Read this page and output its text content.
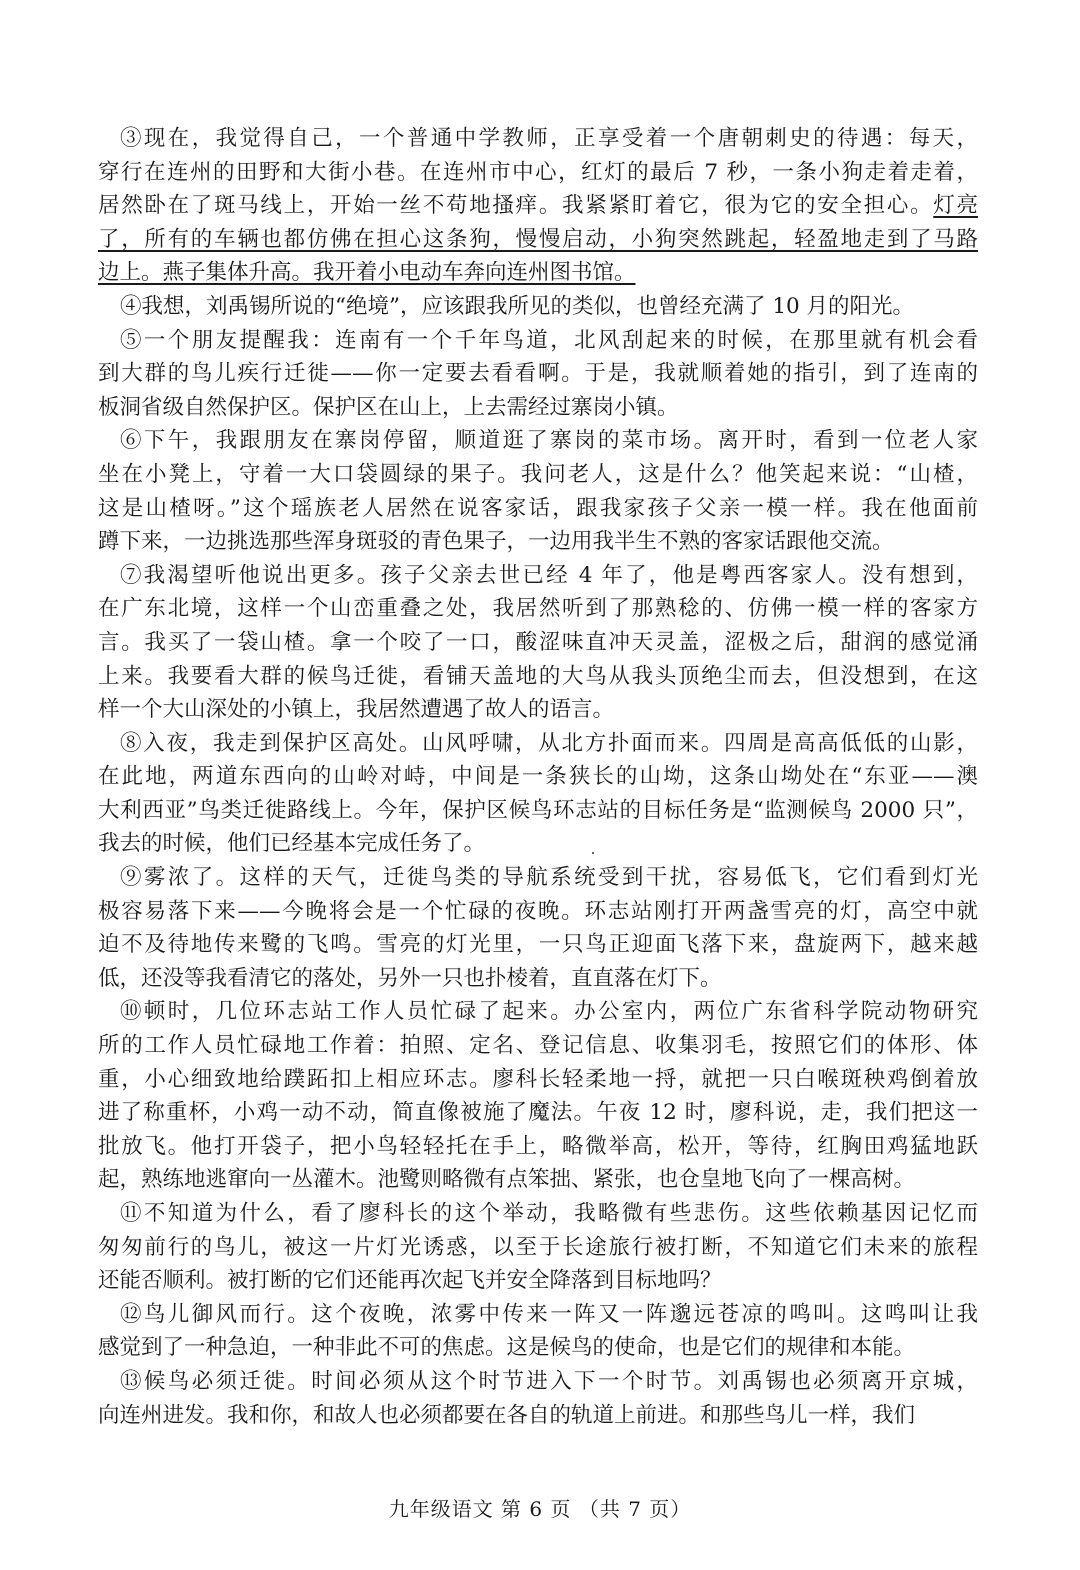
③现在，我觉得自己，一个普通中学教师，正享受着一个唐朝刺史的待遇：每天，
穿行在连州的田野和大街小巷。在连州市中心，红灯的最后 7 秒，一条小狗走着走着，
居然卧在了斑马线上，开始一丝不苟地搔痒。我紧紧盯着它，很为它的安全担心。灯亮
了，所有的车辆也都仿佛在担心这条狗，慢慢启动，小狗突然跳起，轻盈地走到了马路
边上。燕子集体升高。我开着小电动车奔向连州图书馆。
④我想，刘禹锡所说的“绝境”，应该跟我所见的类似，也曾经充满了 10 月的阳光。
⑤一个朋友提醒我：连南有一个千年鸟道，北风刮起来的时候，在那里就有机会看
到大群的鸟儿疾行迁徙——你一定要去看看啊。于是，我就顺着她的指引，到了连南的
板洞省级自然保护区。保护区在山上，上去需经过寨岗小镇。
⑥下午，我跟朋友在寨岗停留，顺道逛了寨岗的菜市场。离开时，看到一位老人家
坐在小凳上，守着一大口袋圆绿的果子。我问老人，这是什么？他笑起来说：“山楂，
这是山楂呀。”这个瑶族老人居然在说客家话，跟我家孩子父亲一模一样。我在他面前
蹲下来，一边挑选那些浑身斑驳的青色果子，一边用我半生不熟的客家话跟他交流。
⑦我渴望听他说出更多。孩子父亲去世已经 4 年了，他是粤西客家人。没有想到，
在广东北境，这样一个山峦重叠之处，我居然听到了那熟稔的、仿佛一模一样的客家方
言。我买了一袋山楂。拿一个咬了一口，酸涩味直冲天灵盖，涩极之后，甜润的感觉涌
上来。我要看大群的候鸟迁徙，看铺天盖地的大鸟从我头顶绝尘而去，但没想到，在这
样一个大山深处的小镇上，我居然遭遇了故人的语言。
⑧入夜，我走到保护区高处。山风呼啸，从北方扑面而来。四周是高高低低的山影，
在此地，两道东西向的山岭对峙，中间是一条狭长的山坳，这条山坳处在“东亚——澳
大利西亚”鸟类迁徙路线上。今年，保护区候鸟环志站的目标任务是“监测候鸟 2000 只”，
我去的时候，他们已经基本完成任务了。
⑨雾浓了。这样的天气，迁徙鸟类的导航系统受到干扰，容易低飞，它们看到灯光
极容易落下来——今晚将会是一个忙碌的夜晚。环志站刚打开两盏雪亮的灯，高空中就
迫不及待地传来鹭的飞鸣。雪亮的灯光里，一只鸟正迎面飞落下来，盘旋两下，越来越
低，还没等我看清它的落处，另外一只也扑棱着，直直落在灯下。
⑩顿时，几位环志站工作人员忙碌了起来。办公室内，两位广东省科学院动物研究
所的工作人员忙碌地工作着：拍照、定名、登记信息、收集羽毛，按照它们的体形、体
重，小心细致地给蹼跖扣上相应环志。廖科长轻柔地一捋，就把一只白喉斑秧鸡倒着放
进了称重杯，小鸡一动不动，简直像被施了魔法。午夜 12 时，廖科说，走，我们把这一
批放飞。他打开袋子，把小鸟轻轻托在手上，略微举高，松开，等待，红胸田鸡猛地跃
起，熟练地逃窜向一丛灌木。池鹭则略微有点笨拙、紧张，也仓皇地飞向了一棵高树。
⑪不知道为什么，看了廖科长的这个举动，我略微有些悲伤。这些依赖基因记忆而
匆匆前行的鸟儿，被这一片灯光诱惑，以至于长途旅行被打断，不知道它们未来的旅程
还能否顺利。被打断的它们还能再次起飞并安全降落到目标地吗？
⑫鸟儿御风而行。这个夜晚，浓雾中传来一阵又一阵邈远苍凉的鸣叫。这鸣叫让我
感觉到了一种急迫，一种非此不可的焦虑。这是候鸟的使命，也是它们的规律和本能。
⑬候鸟必须迁徙。时间必须从这个时节进入下一个时节。刘禹锡也必须离开京城，
向连州进发。我和你，和故人也必须都要在各自的轨道上前进。和那些鸟儿一样，我们
九年级语文 第 6 页 （共 7 页）
